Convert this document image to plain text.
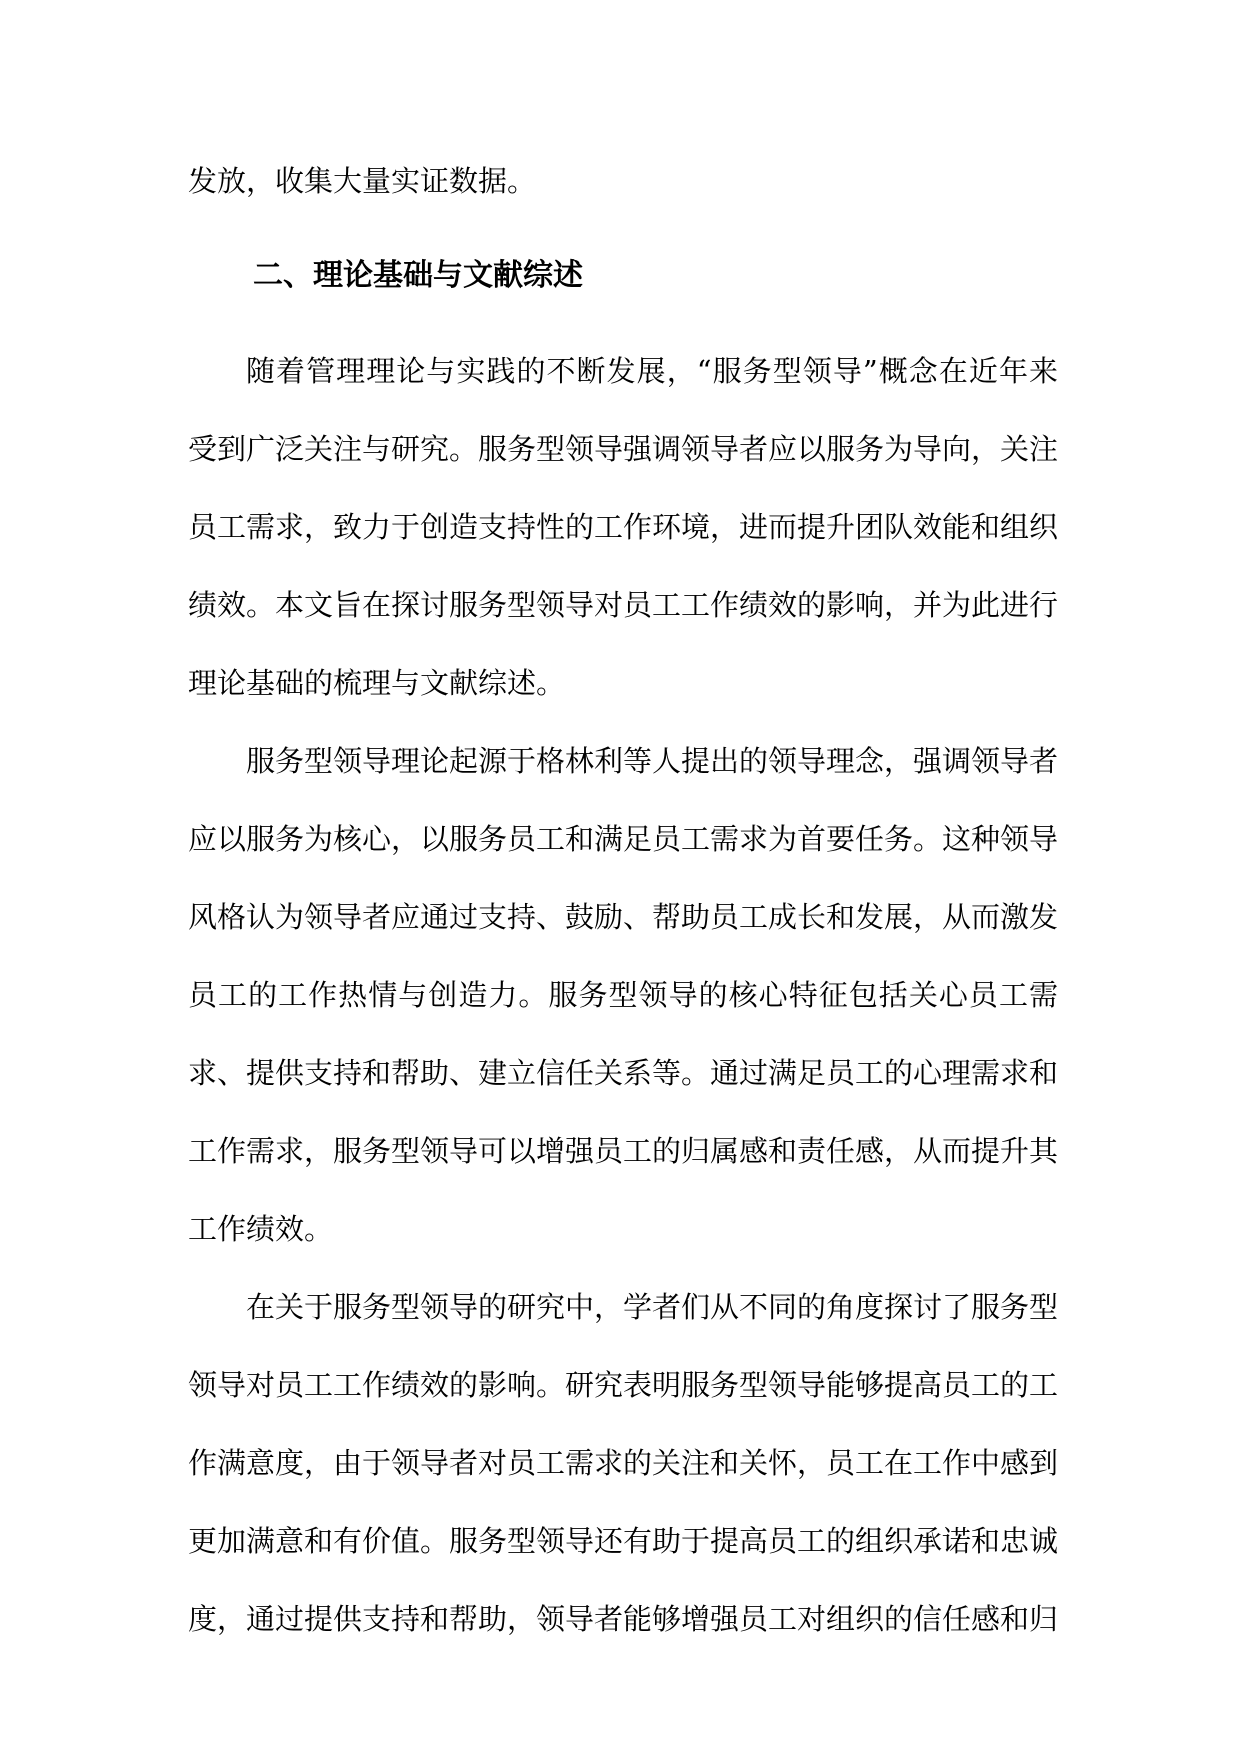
发放，收集大量实证数据。

二、理论基础与文献综述

随着管理理论与实践的不断发展，“服务型领导”概念在近年来受到广泛关注与研究。服务型领导强调领导者应以服务为导向，关注员工需求，致力于创造支持性的工作环境，进而提升团队效能和组织绩效。本文旨在探讨服务型领导对员工工作绩效的影响，并为此进行理论基础的梳理与文献综述。

服务型领导理论起源于格林利等人提出的领导理念，强调领导者应以服务为核心，以服务员工和满足员工需求为首要任务。这种领导风格认为领导者应通过支持、鼓励、帮助员工成长和发展，从而激发员工的工作热情与创造力。服务型领导的核心特征包括关心员工需求、提供支持和帮助、建立信任关系等。通过满足员工的心理需求和工作需求，服务型领导可以增强员工的归属感和责任感，从而提升其工作绩效。

在关于服务型领导的研究中，学者们从不同的角度探讨了服务型领导对员工工作绩效的影响。研究表明服务型领导能够提高员工的工作满意度，由于领导者对员工需求的关注和关怀，员工在工作中感到更加满意和有价值。服务型领导还有助于提高员工的组织承诺和忠诚度，通过提供支持和帮助，领导者能够增强员工对组织的信任感和归
